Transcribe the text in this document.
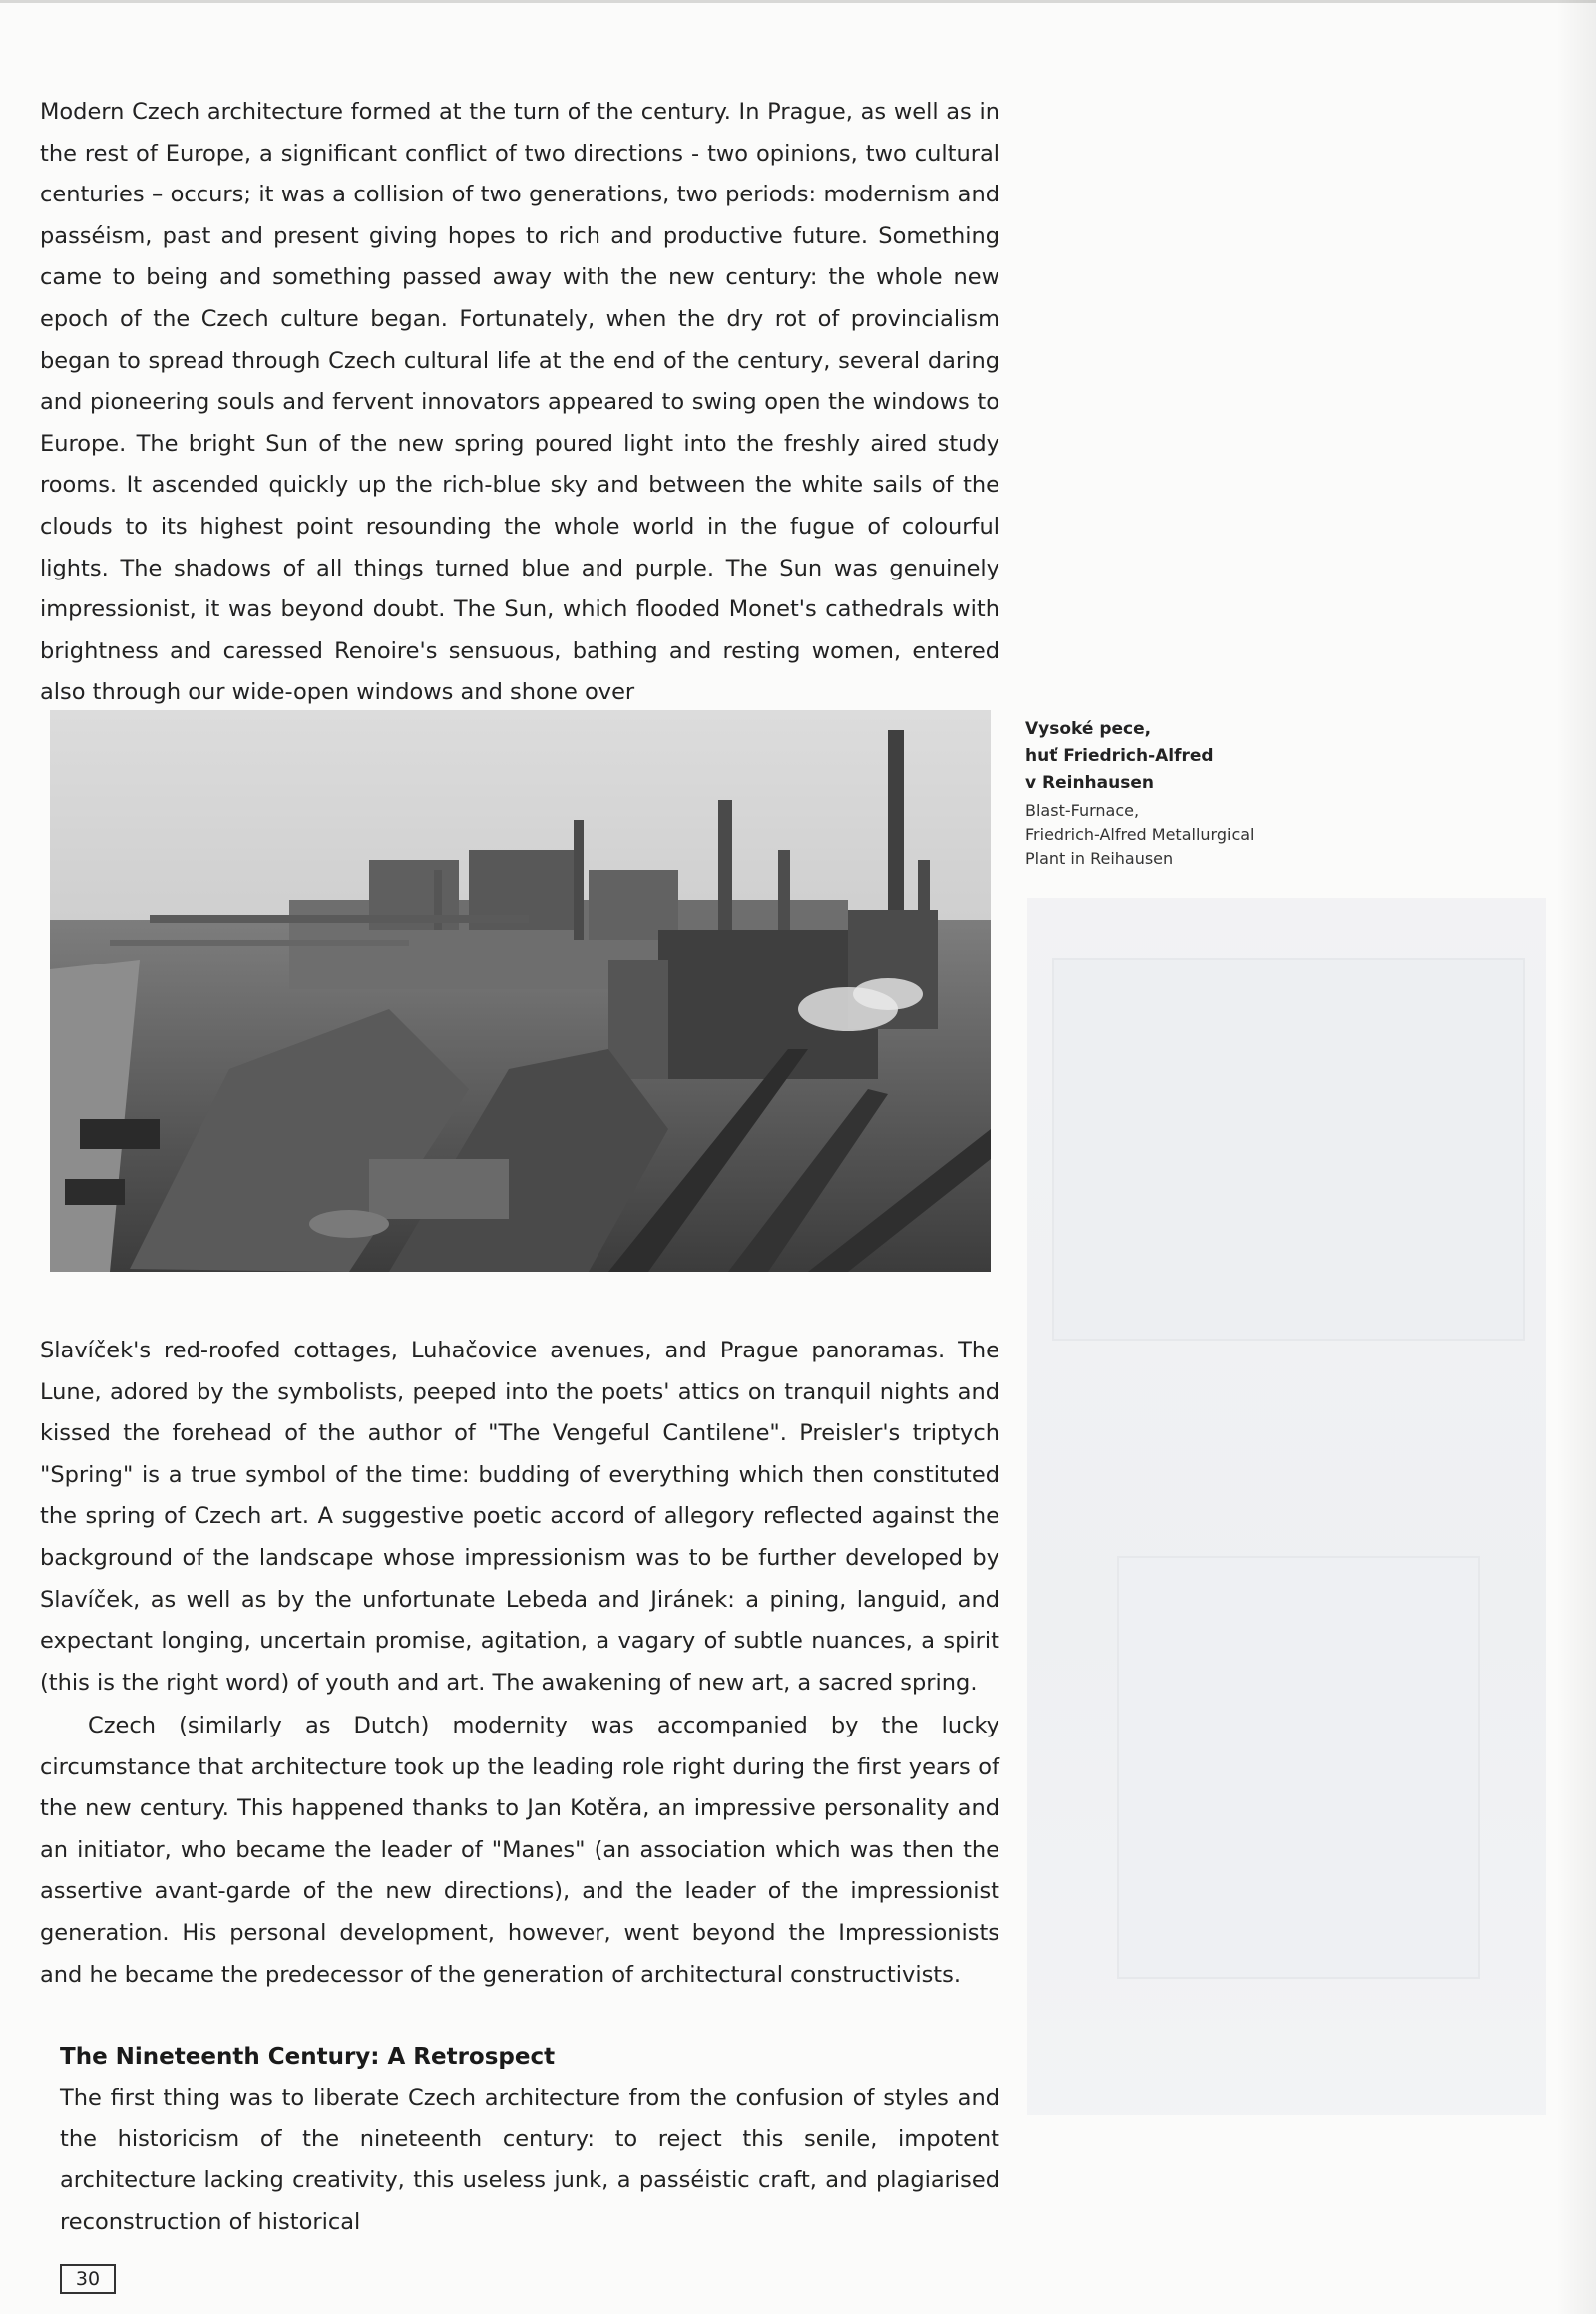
Modern Czech architecture formed at the turn of the century. In Prague, as well as in the rest of Europe, a significant conflict of two directions - two opinions, two cultural centuries – occurs; it was a collision of two generations, two periods: modernism and passéism, past and present giving hopes to rich and productive future. Something came to being and something passed away with the new century: the whole new epoch of the Czech culture began. Fortunately, when the dry rot of provincialism began to spread through Czech cultural life at the end of the century, several daring and pioneering souls and fervent innovators appeared to swing open the windows to Europe. The bright Sun of the new spring poured light into the freshly aired study rooms. It ascended quickly up the rich-blue sky and between the white sails of the clouds to its highest point resounding the whole world in the fugue of colourful lights. The shadows of all things turned blue and purple. The Sun was genuinely impressionist, it was beyond doubt. The Sun, which flooded Monet's cathedrals with brightness and caressed Renoire's sensuous, bathing and resting women, entered also through our wide-open windows and shone over

Vysoké pece,
huť Friedrich-Alfred
v Reinhausen
Blast-Furnace,
Friedrich-Alfred Metallurgical
Plant in Reihausen

Slavíček's red-roofed cottages, Luhačovice avenues, and Prague panoramas. The Lune, adored by the symbolists, peeped into the poets' attics on tranquil nights and kissed the forehead of the author of "The Vengeful Cantilene". Preisler's triptych "Spring" is a true symbol of the time: budding of everything which then constituted the spring of Czech art. A suggestive poetic accord of allegory reflected against the background of the landscape whose impressionism was to be further developed by Slavíček, as well as by the unfortunate Lebeda and Jiránek: a pining, languid, and expectant longing, uncertain promise, agitation, a vagary of subtle nuances, a spirit (this is the right word) of youth and art. The awakening of new art, a sacred spring.

Czech (similarly as Dutch) modernity was accompanied by the lucky circumstance that architecture took up the leading role right during the first years of the new century. This happened thanks to Jan Kotěra, an impressive personality and an initiator, who became the leader of "Manes" (an association which was then the assertive avant-garde of the new directions), and the leader of the impressionist generation. His personal development, however, went beyond the Impressionists and he became the predecessor of the generation of architectural constructivists.

The Nineteenth Century: A Retrospect

The first thing was to liberate Czech architecture from the confusion of styles and the historicism of the nineteenth century: to reject this senile, impotent architecture lacking creativity, this useless junk, a passéistic craft, and plagiarised reconstruction of historical

30
